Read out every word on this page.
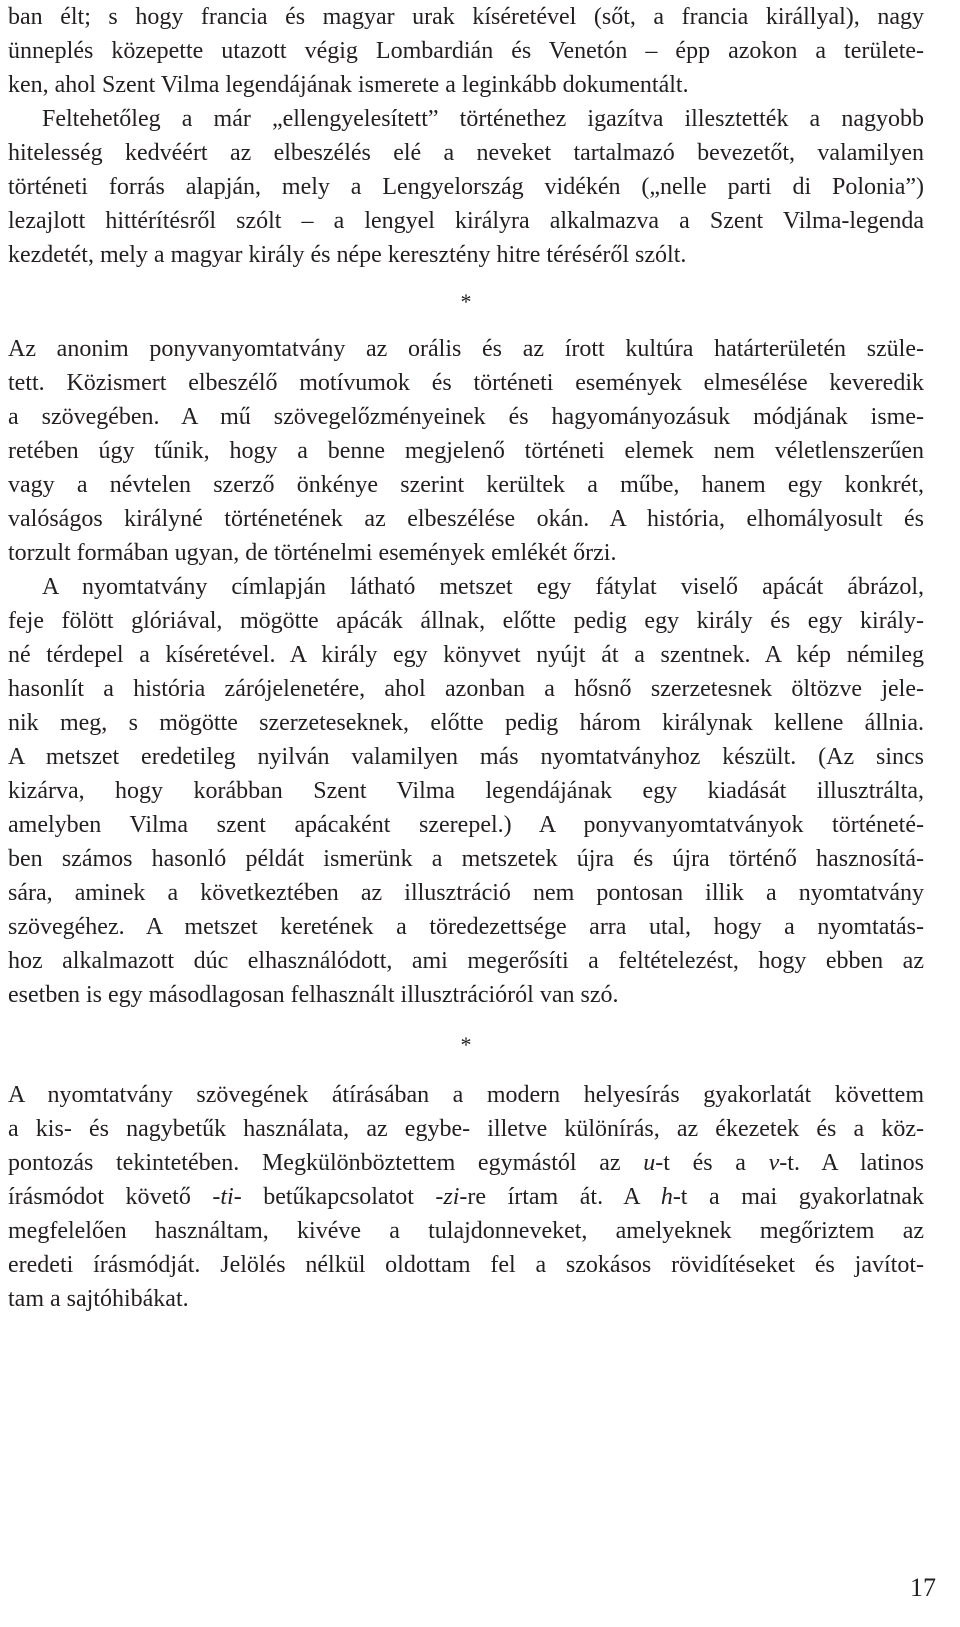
ban élt; s hogy francia és magyar urak kíséretével (sőt, a francia királlyal), nagy
ünneplés közepette utazott végig Lombardián és Venetón – épp azokon a területe-
ken, ahol Szent Vilma legendájának ismerete a leginkább dokumentált.
Feltehetőleg a már „ellengyelesített” történethez igazítva illesztették a nagyobb
hitelesség kedvéért az elbeszélés elé a neveket tartalmazó bevezetőt, valamilyen
történeti forrás alapján, mely a Lengyelország vidékén („nelle parti di Polonia”)
lezajlott hittérítésről szólt – a lengyel királyra alkalmazva a Szent Vilma-legenda
kezdetét, mely a magyar király és népe keresztény hitre téréséről szólt.
*
Az anonim ponyvanyomtatvány az orális és az írott kultúra határterületén szüle-
tett. Közismert elbeszélő motívumok és történeti események elmesélése keveredik
a szövegében. A mű szövegelőzményeinek és hagyományozásuk módjának isme-
retében úgy tűnik, hogy a benne megjelenő történeti elemek nem véletlenszerűen
vagy a névtelen szerző önkénye szerint kerültek a műbe, hanem egy konkrét,
valóságos királyné történetének az elbeszélése okán. A história, elhomályosult és
torzult formában ugyan, de történelmi események emlékét őrzi.
A nyomtatvány címlapján látható metszet egy fátylat viselő apácát ábrázol,
feje fölött glóriával, mögötte apácák állnak, előtte pedig egy király és egy király-
né térdepel a kíséretével. A király egy könyvet nyújt át a szentnek. A kép némileg
hasonlít a história zárójelenetére, ahol azonban a hősnő szerzetesnek öltözve jele-
nik meg, s mögötte szerzeteseknek, előtte pedig három királynak kellene állnia.
A metszet eredetileg nyilván valamilyen más nyomtatványhoz készült. (Az sincs
kizárva, hogy korábban Szent Vilma legendájának egy kiadását illusztrálta,
amelyben Vilma szent apácaként szerepel.) A ponyvanyomtatványok történeté-
ben számos hasonló példát ismerünk a metszetek újra és újra történő hasznosítá-
sára, aminek a következtében az illusztráció nem pontosan illik a nyomtatvány
szövegéhez. A metszet keretének a töredezettsége arra utal, hogy a nyomtatás-
hoz alkalmazott dúc elhasználódott, ami megerősíti a feltételezést, hogy ebben az
esetben is egy másodlagosan felhasznált illusztrációról van szó.
*
A nyomtatvány szövegének átírásában a modern helyesírás gyakorlatát követtem
a kis- és nagybetűk használata, az egybe- illetve különírás, az ékezetek és a köz-
pontozás tekintetében. Megkülönböztettem egymástól az u-t és a v-t. A latinos
írásmódot követő -ti- betűkapcsolatot -zi-re írtam át. A h-t a mai gyakorlatnak
megfelelően használtam, kivéve a tulajdonneveket, amelyeknek megőriztem az
eredeti írásmódját. Jelölés nélkül oldottam fel a szokásos rövidítéseket és javítot-
tam a sajtóhibákat.
17
